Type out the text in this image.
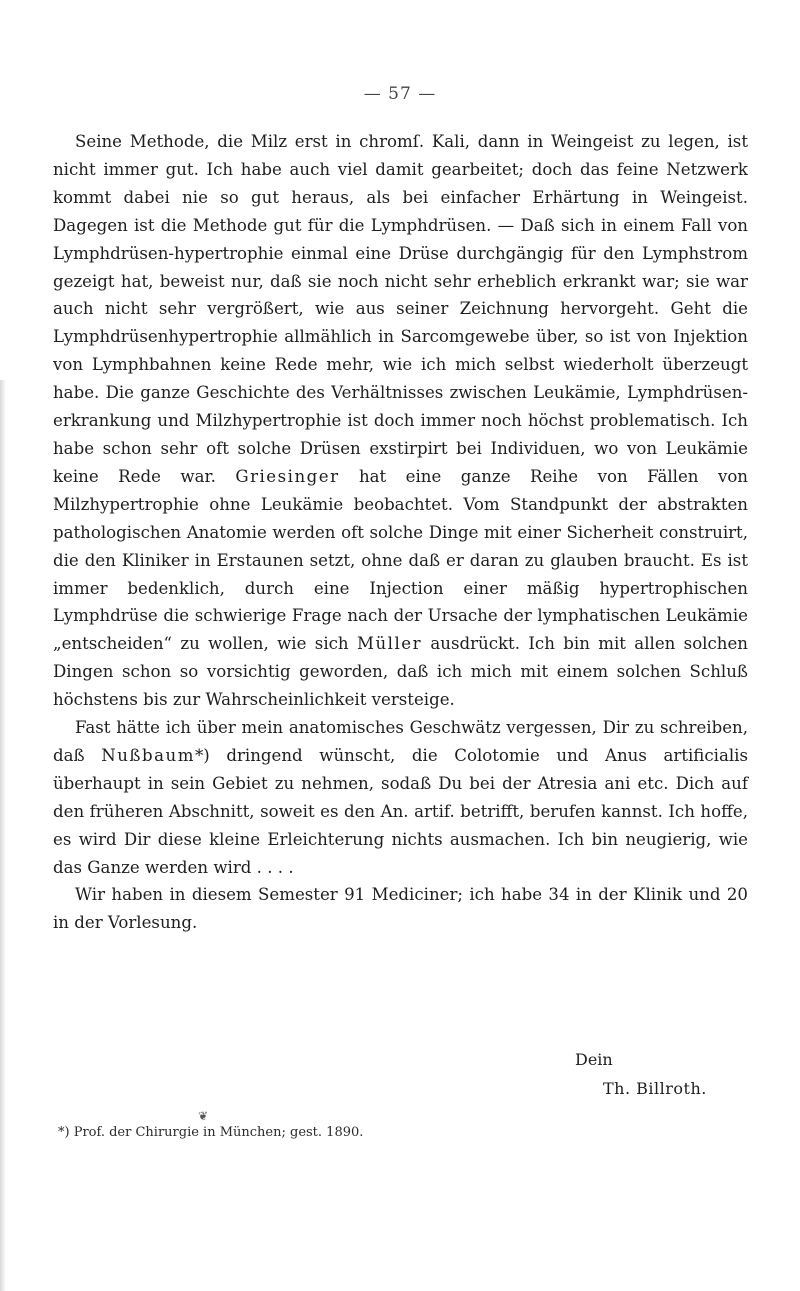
— 57 —

Seine Methode, die Milz erst in chromſ. Kali, dann in Weingeist zu legen, ist nicht immer gut. Ich habe auch viel damit gearbeitet; doch das feine Netzwerk kommt dabei nie so gut heraus, als bei einfacher Erhärtung in Weingeist. Dagegen ist die Methode gut für die Lymphdrüsen. — Daß sich in einem Fall von Lymphdrüsen-hypertrophie einmal eine Drüse durchgängig für den Lymphstrom gezeigt hat, beweist nur, daß sie noch nicht sehr erheblich erkrankt war; sie war auch nicht sehr vergrößert, wie aus seiner Zeichnung hervorgeht. Geht die Lymphdrüsenhypertrophie allmählich in Sarcomgewebe über, so ist von Injektion von Lymphbahnen keine Rede mehr, wie ich mich selbst wiederholt überzeugt habe. Die ganze Geschichte des Verhältnisses zwischen Leukämie, Lymphdrüsen-erkrankung und Milzhypertrophie ist doch immer noch höchst problematisch. Ich habe schon sehr oft solche Drüsen exstirpirt bei Individuen, wo von Leukämie keine Rede war. Griesinger hat eine ganze Reihe von Fällen von Milzhypertrophie ohne Leukämie beobachtet. Vom Standpunkt der abstrakten pathologischen Anatomie werden oft solche Dinge mit einer Sicherheit construirt, die den Kliniker in Erstaunen setzt, ohne daß er daran zu glauben braucht. Es ist immer bedenklich, durch eine Injection einer mäßig hypertrophischen Lymphdrüse die schwierige Frage nach der Ursache der lymphatischen Leukämie „entscheiden“ zu wollen, wie sich Müller ausdrückt. Ich bin mit allen solchen Dingen schon so vorsichtig geworden, daß ich mich mit einem solchen Schluß höchstens bis zur Wahrscheinlichkeit versteige.

Fast hätte ich über mein anatomisches Geschwätz vergessen, Dir zu schreiben, daß Nußbaum*) dringend wünscht, die Colotomie und Anus artificialis überhaupt in sein Gebiet zu nehmen, sodaß Du bei der Atresia ani etc. Dich auf den früheren Abschnitt, soweit es den An. artif. betrifft, berufen kannst. Ich hoffe, es wird Dir diese kleine Erleichterung nichts ausmachen. Ich bin neugierig, wie das Ganze werden wird . . . .

Wir haben in diesem Semester 91 Mediciner; ich habe 34 in der Klinik und 20 in der Vorlesung.

Dein
Th. Billroth.
❦
*) Prof. der Chirurgie in München; gest. 1890.
